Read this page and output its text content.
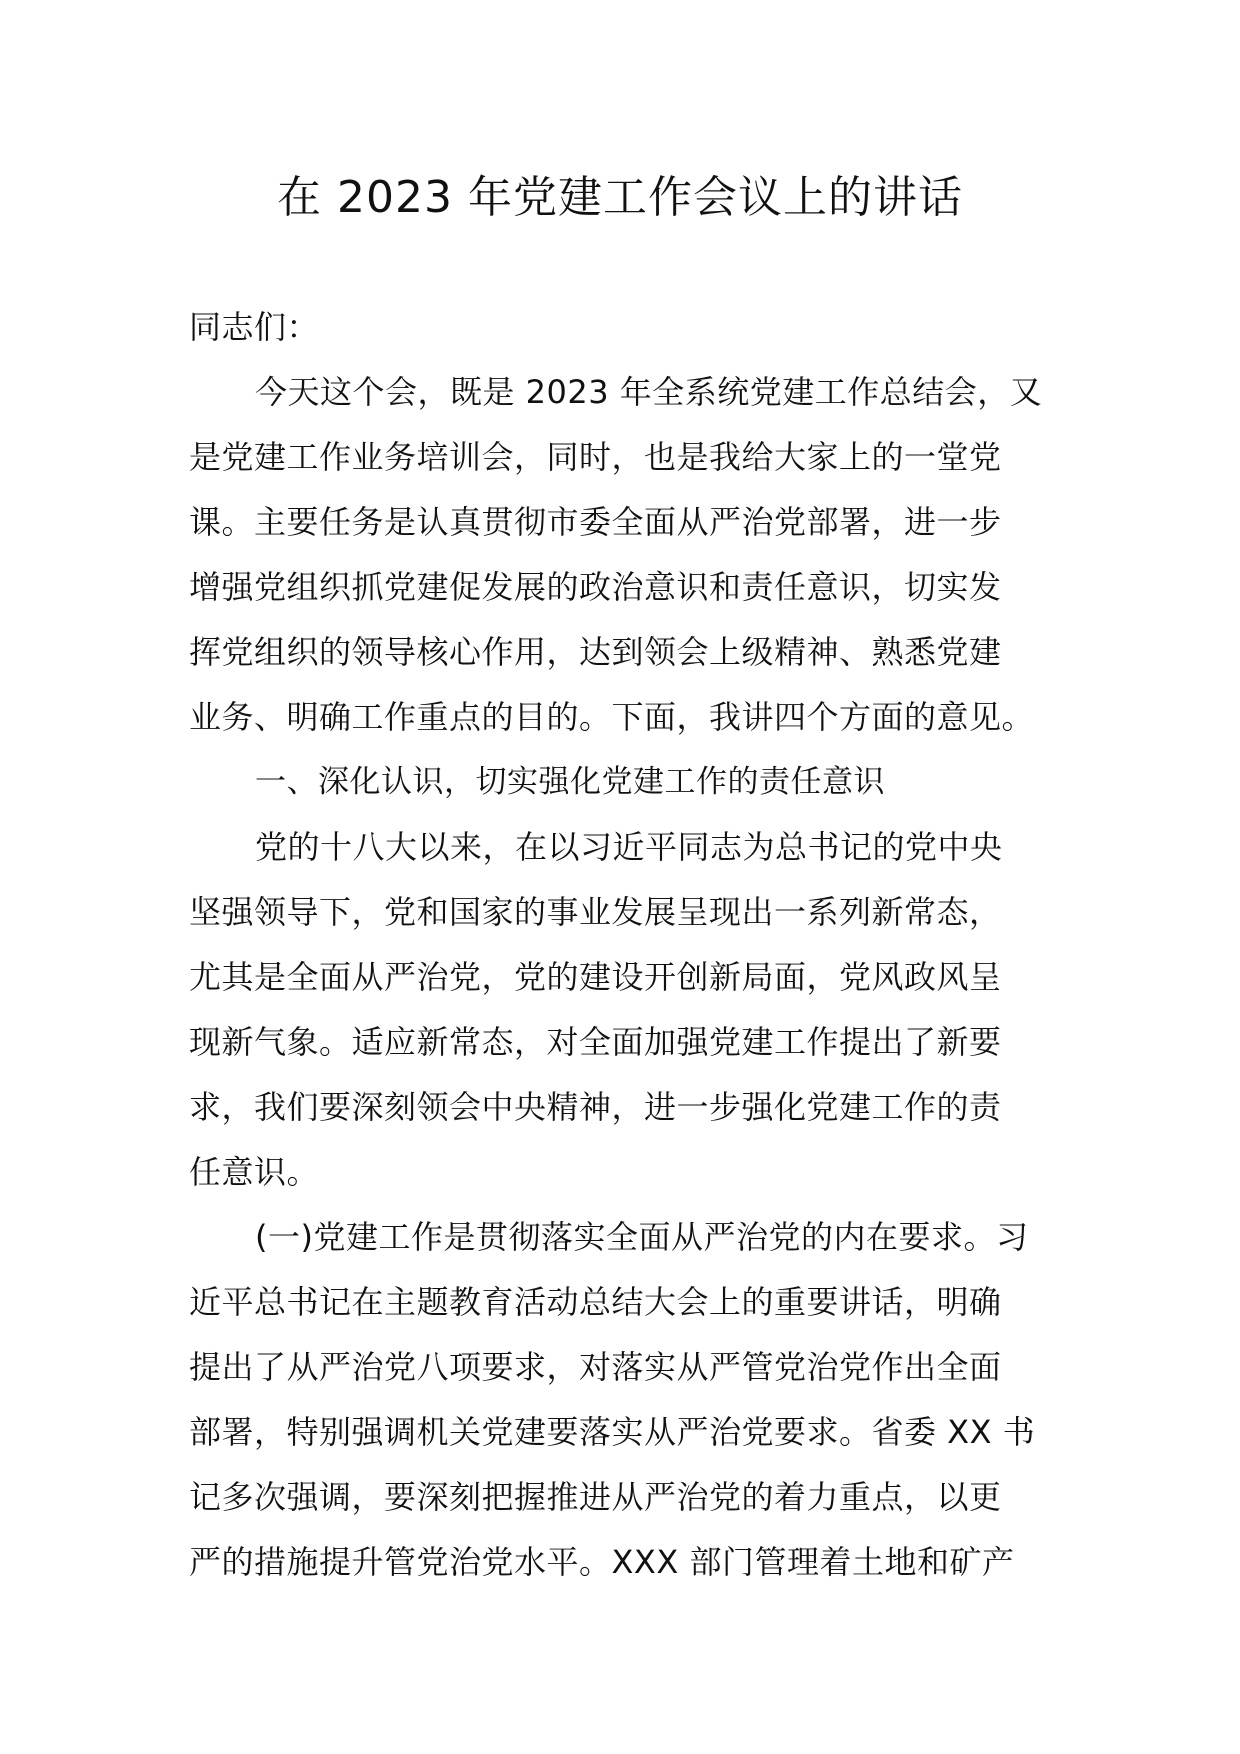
在 2023 年党建工作会议上的讲话
同志们：
今天这个会，既是 2023 年全系统党建工作总结会，又
是党建工作业务培训会，同时，也是我给大家上的一堂党
课。主要任务是认真贯彻市委全面从严治党部署，进一步
增强党组织抓党建促发展的政治意识和责任意识，切实发
挥党组织的领导核心作用，达到领会上级精神、熟悉党建
业务、明确工作重点的目的。下面，我讲四个方面的意见。
一、深化认识，切实强化党建工作的责任意识
党的十八大以来，在以习近平同志为总书记的党中央
坚强领导下，党和国家的事业发展呈现出一系列新常态，
尤其是全面从严治党，党的建设开创新局面，党风政风呈
现新气象。适应新常态，对全面加强党建工作提出了新要
求，我们要深刻领会中央精神，进一步强化党建工作的责
任意识。
(一)党建工作是贯彻落实全面从严治党的内在要求。习
近平总书记在主题教育活动总结大会上的重要讲话，明确
提出了从严治党八项要求，对落实从严管党治党作出全面
部署，特别强调机关党建要落实从严治党要求。省委 XX 书
记多次强调，要深刻把握推进从严治党的着力重点，以更
严的措施提升管党治党水平。XXX 部门管理着土地和矿产
